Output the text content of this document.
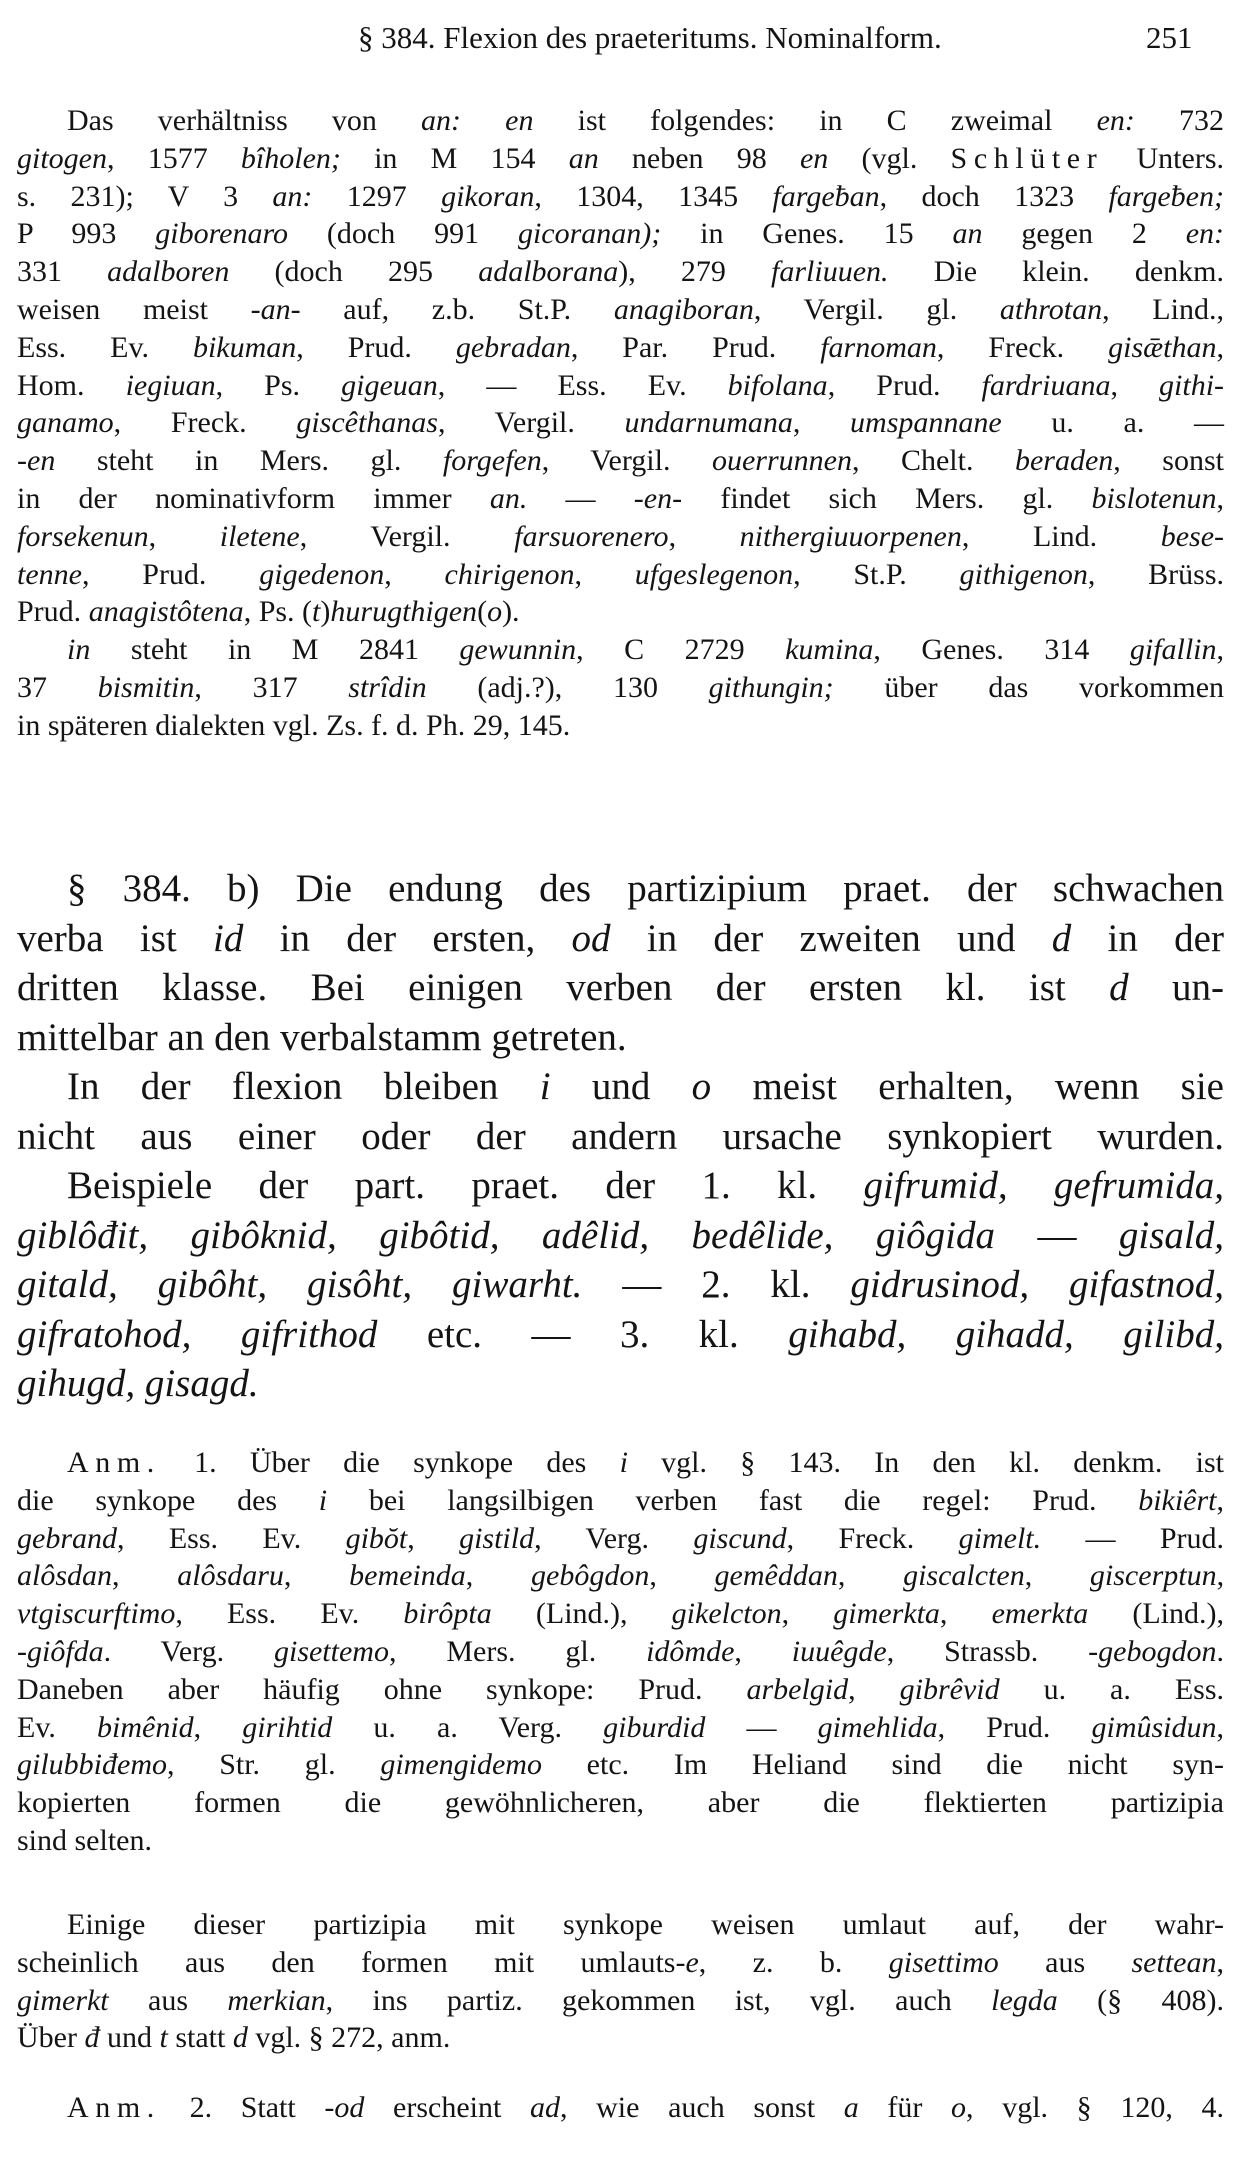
§ 384. Flexion des praeteritums. Nominalform.	251
Das verhältniss von an: en ist folgendes: in C zweimal en: 732
gitogen, 1577 bîholen; in M 154 an neben 98 en (vgl. Schlüter Unters.
s. 231); V 3 an: 1297 gikoran, 1304, 1345 fargeƀan, doch 1323 fargeƀen;
P 993 giborenaro (doch 991 gicoranan); in Genes. 15 an gegen 2 en:
331 adalboren (doch 295 adalborana), 279 farliuuen. Die klein. denkm.
weisen meist -an- auf, z.b. St.P. anagiboran, Vergil. gl. athrotan, Lind.,
Ess. Ev. bikuman, Prud. gebradan, Par. Prud. farnoman, Freck. gisǣthan,
Hom. iegiuan, Ps. gigeuan, — Ess. Ev. bifolana, Prud. fardriuana, githi-
ganamo, Freck. giscêthanas, Vergil. undarnumana, umspannane u. a. —
-en steht in Mers. gl. forgefen, Vergil. ouerrunnen, Chelt. beraden, sonst
in der nominativform immer an. — -en- findet sich Mers. gl. bislotenun,
forsekenun, iletene, Vergil. farsuorenero, nithergiuuorpenen, Lind. bese-
tenne, Prud. gigedenon, chirigenon, ufgeslegenon, St.P. githigenon, Brüss.
Prud. anagistôtena, Ps. (t)hurugthigen(o).
in steht in M 2841 gewunnin, C 2729 kumina, Genes. 314 gifallin,
37 bismitin, 317 strîdin (adj.?), 130 githungin; über das vorkommen
in späteren dialekten vgl. Zs. f. d. Ph. 29, 145.
§ 384. b) Die endung des partizipium praet. der schwachen
verba ist id in der ersten, od in der zweiten und d in der
dritten klasse. Bei einigen verben der ersten kl. ist d un-
mittelbar an den verbalstamm getreten.
In der flexion bleiben i und o meist erhalten, wenn sie
nicht aus einer oder der andern ursache synkopiert wurden.
Beispiele der part. praet. der 1. kl. gifrumid, gefrumida,
giblôđit, gibôknid, gibôtid, adêlid, bedêlide, giôgida — gisald,
gitald, gibôht, gisôht, giwarht. — 2. kl. gidrusinod, gifastnod,
gifratohod, gifrithod etc. — 3. kl. gihabd, gihadd, gilibd,
gihugd, gisagd.
Anm. 1. Über die synkope des i vgl. § 143. In den kl. denkm. ist
die synkope des i bei langsilbigen verben fast die regel: Prud. bikiêrt,
gebrand, Ess. Ev. gibŏt, gistild, Verg. giscund, Freck. gimelt. — Prud.
alôsdan, alôsdaru, bemeinda, gebôgdon, gemêddan, giscalcten, giscerptun,
vtgiscurftimo, Ess. Ev. birôpta (Lind.), gikelcton, gimerkta, emerkta (Lind.),
-giôfda. Verg. gisettemo, Mers. gl. idômde, iuuêgde, Strassb. -gebogdon.
Daneben aber häufig ohne synkope: Prud. arbelgid, gibrêvid u. a. Ess.
Ev. bimênid, girihtid u. a. Verg. giburdid — gimehlida, Prud. gimûsidun,
gilubbiđemo, Str. gl. gimengidemo etc. Im Heliand sind die nicht syn-
kopierten formen die gewöhnlicheren, aber die flektierten partizipia
sind selten.
Einige dieser partizipia mit synkope weisen umlaut auf, der wahr-
scheinlich aus den formen mit umlauts-e, z. b. gisettimo aus settean,
gimerkt aus merkian, ins partiz. gekommen ist, vgl. auch legda (§ 408).
Über đ und t statt d vgl. § 272, anm.
Anm. 2. Statt -od erscheint ad, wie auch sonst a für o, vgl. § 120, 4.
